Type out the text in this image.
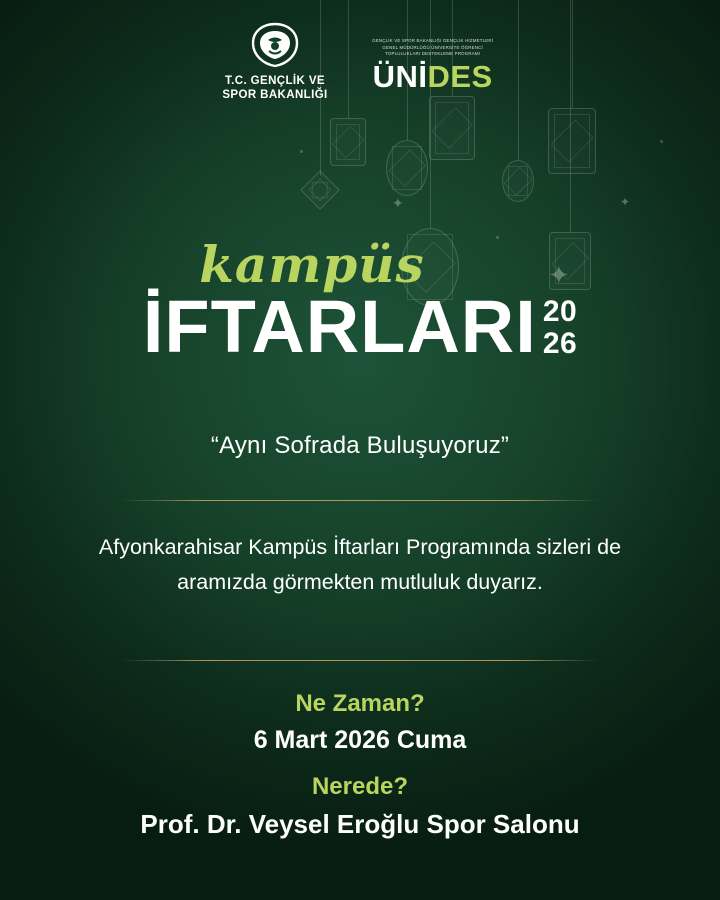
✦
✦	✦
T.C. GENÇLİK VE
SPOR BAKANLIĞI
GENÇLİK VE SPOR BAKANLIĞI GENÇLİK HİZMETLERİ GENEL MÜDÜRLÜĞÜ ÜNİVERSİTE ÖĞRENCİ TOPLULUKLARI DESTEKLEME PROGRAMI
ÜNİDES
kampüs
İFTARLARI 20
26
“Aynı Sofrada Buluşuyoruz”
Afyonkarahisar Kampüs İftarları Programında sizleri de aramızda görmekten mutluluk duyarız.
Ne Zaman?
6 Mart 2026 Cuma
Nerede?
Prof. Dr. Veysel Eroğlu Spor Salonu
